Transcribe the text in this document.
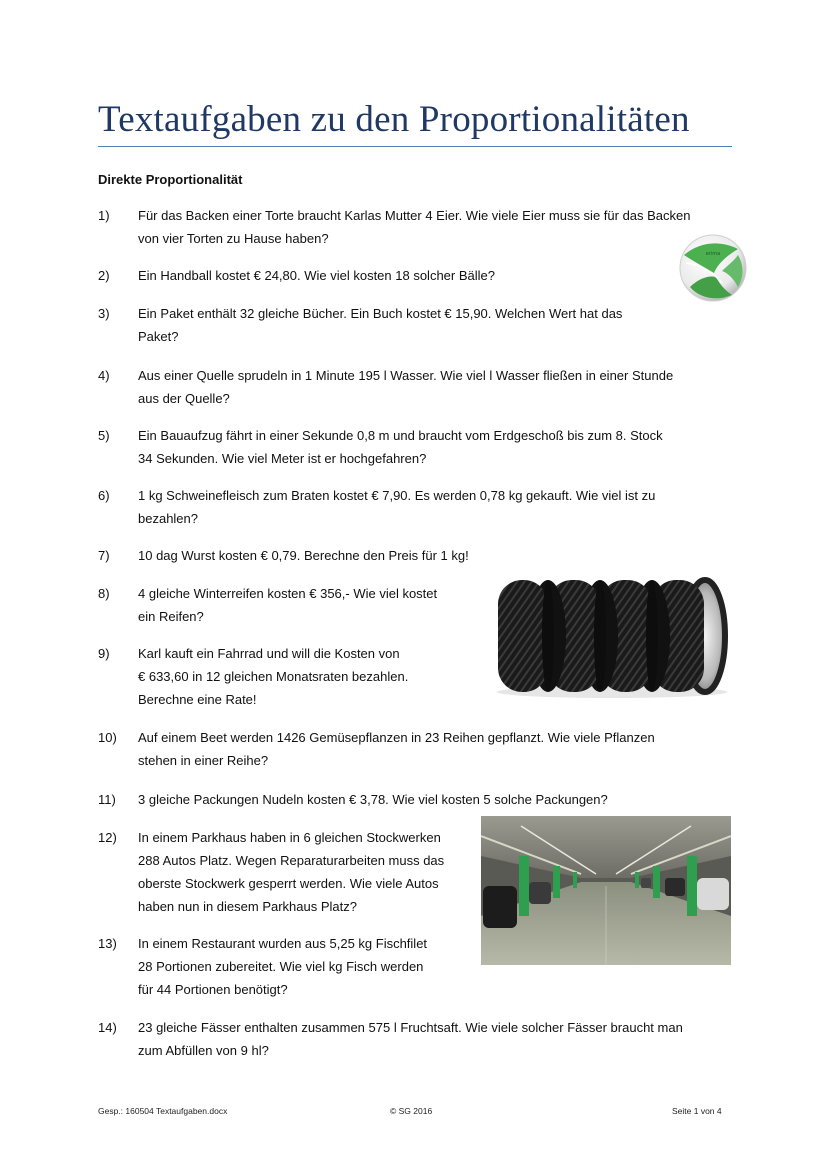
Textaufgaben zu den Proportionalitäten
Direkte Proportionalität
1)	Für das Backen einer Torte braucht Karlas Mutter 4 Eier. Wie viele Eier muss sie für das Backen
von vier Torten zu Hause haben?
2)	Ein Handball kostet € 24,80. Wie viel kosten 18 solcher Bälle?
3)	Ein Paket enthält 32 gleiche Bücher. Ein Buch kostet € 15,90. Welchen Wert hat das
Paket?
4)	Aus einer Quelle sprudeln in 1 Minute 195 l Wasser. Wie viel l Wasser fließen in einer Stunde
aus der Quelle?
5)	Ein Bauaufzug fährt in einer Sekunde 0,8 m und braucht vom Erdgeschoß bis zum 8. Stock
34 Sekunden. Wie viel Meter ist er hochgefahren?
6)	1 kg Schweinefleisch zum Braten kostet € 7,90. Es werden 0,78 kg gekauft. Wie viel ist zu
bezahlen?
7)	10 dag Wurst kosten € 0,79. Berechne den Preis für 1 kg!
8)	4 gleiche Winterreifen kosten € 356,- Wie viel kostet
ein Reifen?
9)	Karl kauft ein Fahrrad und will die Kosten von
€ 633,60 in 12 gleichen Monatsraten bezahlen.
Berechne eine Rate!
10)	Auf einem Beet werden 1426 Gemüsepflanzen in 23 Reihen gepflanzt. Wie viele Pflanzen
stehen in einer Reihe?
11)	3 gleiche Packungen Nudeln kosten € 3,78. Wie viel kosten 5 solche Packungen?
12)	In einem Parkhaus haben in 6 gleichen Stockwerken
288 Autos Platz. Wegen Reparaturarbeiten muss das
oberste Stockwerk gesperrt werden. Wie viele Autos
haben nun in diesem Parkhaus Platz?
13)	In einem Restaurant wurden aus 5,25 kg Fischfilet
28 Portionen zubereitet. Wie viel kg Fisch werden
für 44 Portionen benötigt?
14)	23 gleiche Fässer enthalten zusammen 575 l Fruchtsaft. Wie viele solcher Fässer braucht man
zum Abfüllen von 9 hl?
erima
Gesp.: 160504 Textaufgaben.docx	© SG 2016	Seite 1 von 4
